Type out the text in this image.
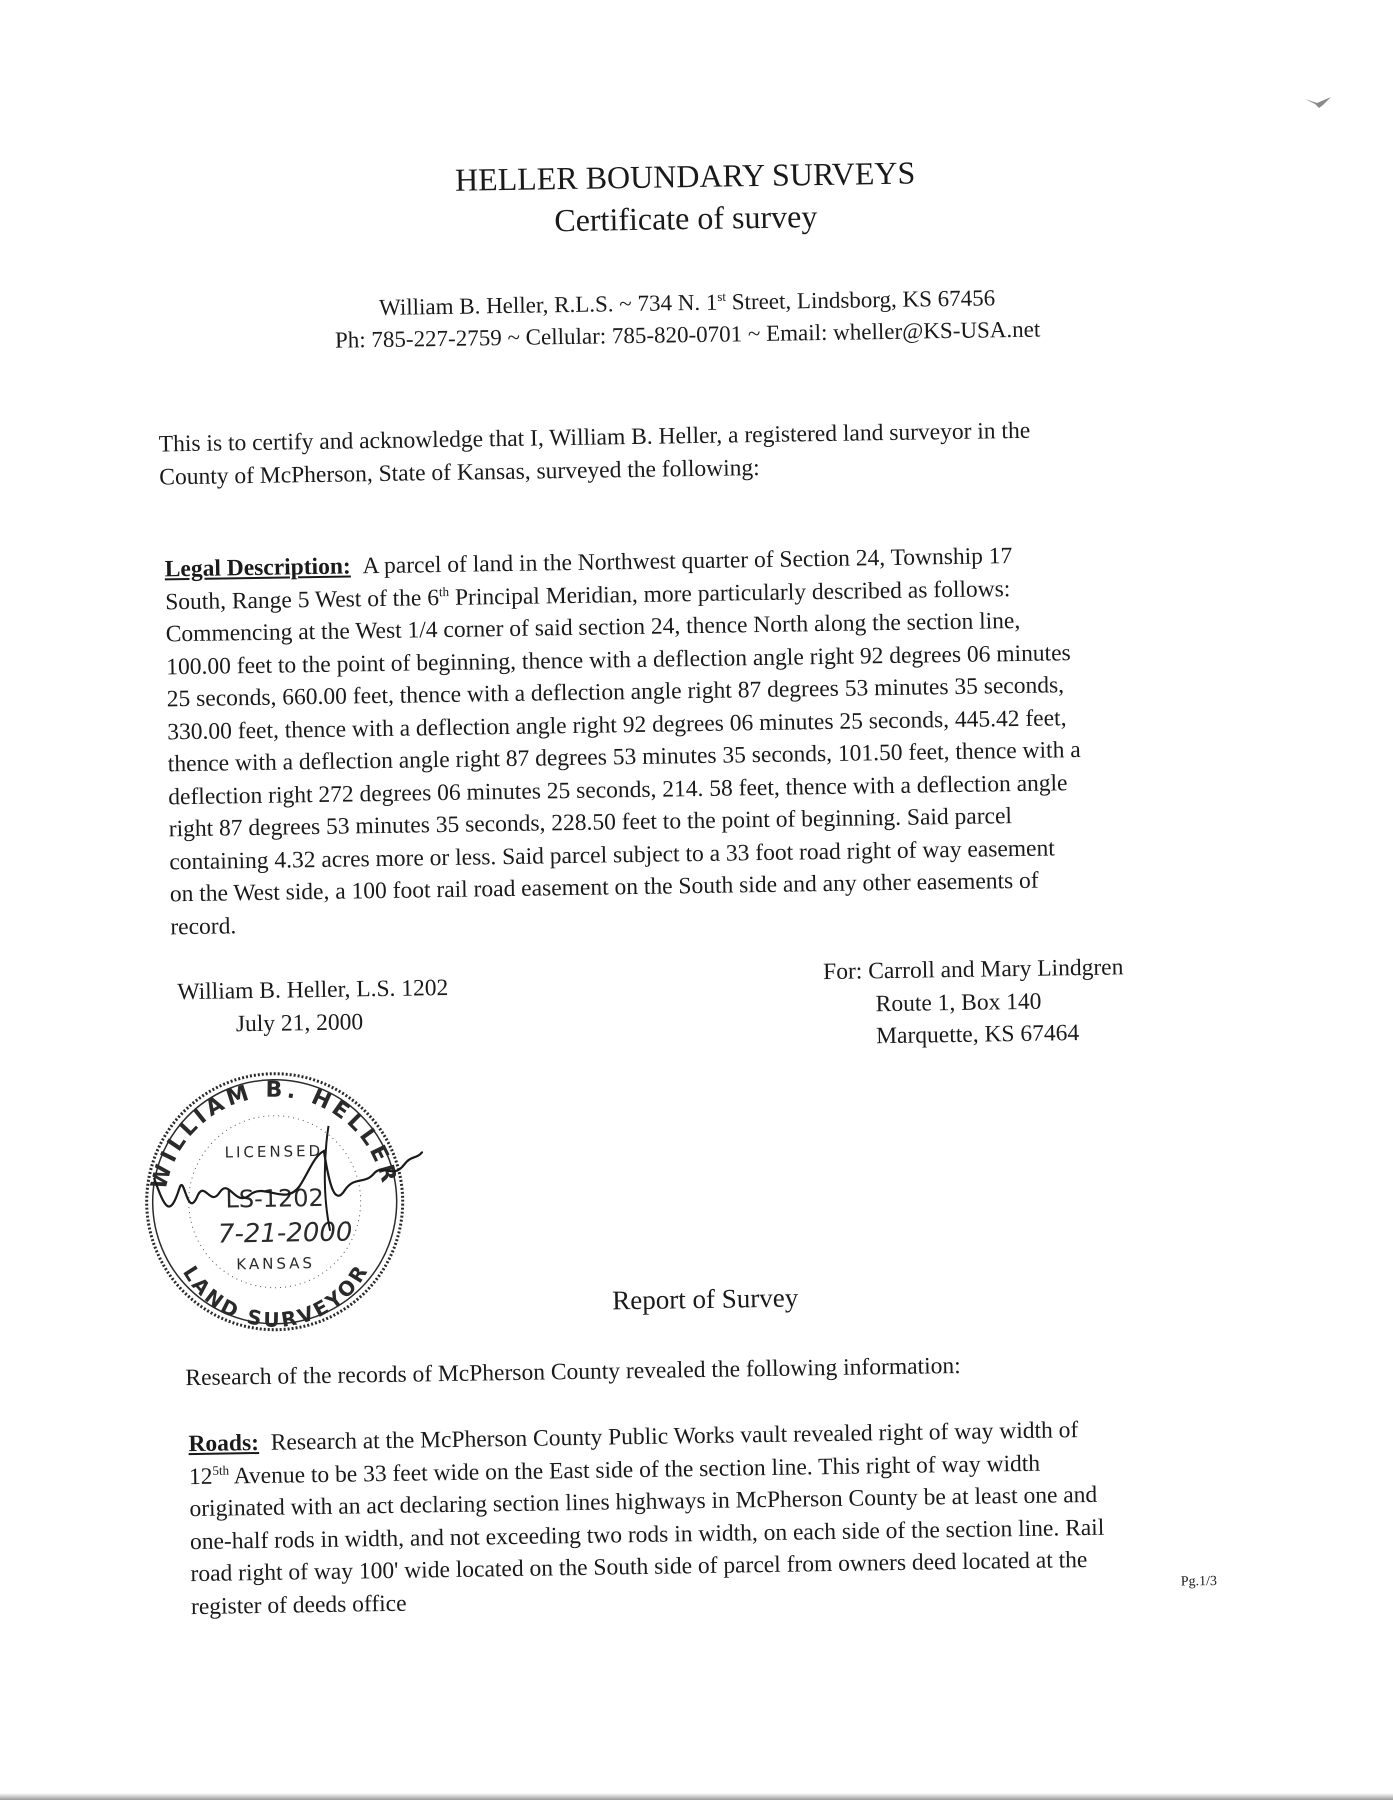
HELLER BOUNDARY SURVEYS
Certificate of survey
William B. Heller, R.L.S. ~ 734 N. 1st Street, Lindsborg, KS 67456
Ph: 785-227-2759 ~ Cellular: 785-820-0701 ~ Email: wheller@KS-USA.net
This is to certify and acknowledge that I, William B. Heller, a registered land surveyor in the
County of McPherson, State of Kansas, surveyed the following:
Legal Description: A parcel of land in the Northwest quarter of Section 24, Township 17
South, Range 5 West of the 6th Principal Meridian, more particularly described as follows:
Commencing at the West 1/4 corner of said section 24, thence North along the section line,
100.00 feet to the point of beginning, thence with a deflection angle right 92 degrees 06 minutes
25 seconds, 660.00 feet, thence with a deflection angle right 87 degrees 53 minutes 35 seconds,
330.00 feet, thence with a deflection angle right 92 degrees 06 minutes 25 seconds, 445.42 feet,
thence with a deflection angle right 87 degrees 53 minutes 35 seconds, 101.50 feet, thence with a
deflection right 272 degrees 06 minutes 25 seconds, 214. 58 feet, thence with a deflection angle
right 87 degrees 53 minutes 35 seconds, 228.50 feet to the point of beginning. Said parcel
containing 4.32 acres more or less. Said parcel subject to a 33 foot road right of way easement
on the West side, a 100 foot rail road easement on the South side and any other easements of
record.
William B. Heller, L.S. 1202
July 21, 2000
For: Carroll and Mary Lindgren
Route 1, Box 140
Marquette, KS 67464
WILLIAM B. HELLER
LAND SURVEYOR
LICENSED
LS-1202
7-21-2000
KANSAS
Report of Survey
Research of the records of McPherson County revealed the following information:
Roads: Research at the McPherson County Public Works vault revealed right of way width of
$12^{5th}$ Avenue to be 33 feet wide on the East side of the section line. This right of way width
originated with an act declaring section lines highways in McPherson County be at least one and
one-half rods in width, and not exceeding two rods in width, on each side of the section line. Rail
road right of way 100' wide located on the South side of parcel from owners deed located at the
register of deeds office
Pg.1/3
